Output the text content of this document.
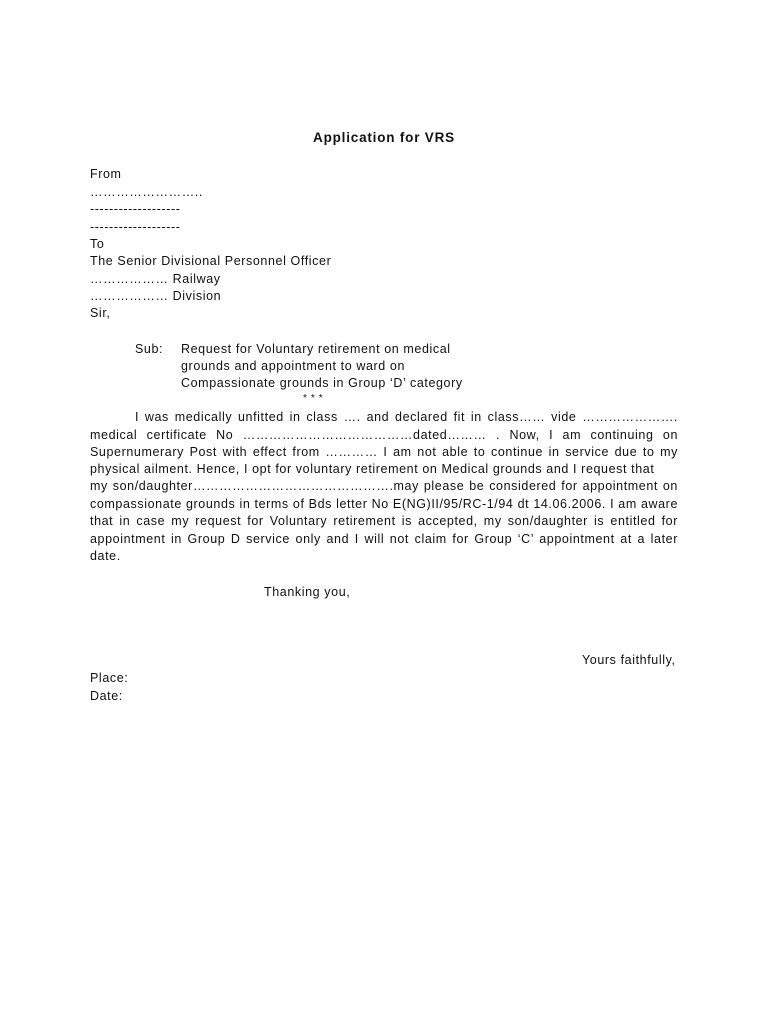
Application for VRS
From
……………………..
-------------------
-------------------
To
The Senior Divisional Personnel Officer
……………… Railway
……………… Division
Sir,
Sub: Request for Voluntary retirement on medical
grounds and appointment to ward on
Compassionate grounds in Group ‘D’ category
* * *
I was medically unfitted in class …. and declared fit in class…… vide ………………….
medical certificate No …………………………………dated……… . Now, I am continuing on
Supernumerary Post with effect from ………… I am not able to continue in service due to my
physical ailment. Hence, I opt for voluntary retirement on Medical grounds and I request that
my son/daughter……………………………………….may please be considered for appointment on
compassionate grounds in terms of Bds letter No E(NG)II/95/RC-1/94 dt 14.06.2006. I am aware
that in case my request for Voluntary retirement is accepted, my son/daughter is entitled for
appointment in Group D service only and I will not claim for Group ‘C’ appointment at a later
date.
Thanking you,
Yours faithfully,
Place:
Date:
